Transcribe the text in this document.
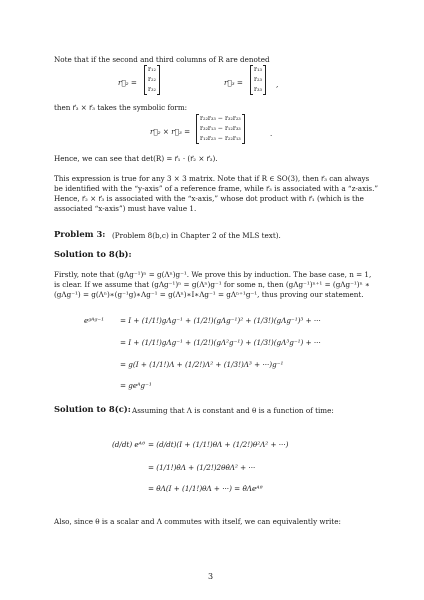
Note that if the second and third columns of R are denoted
r⃗₂ =
r₁₂
r₂₂
r₃₂
r⃗₃ =
r₁₃
r₂₃
r₃₃
,
then r⃗₃ × r⃗₃ takes the symbolic form:
r⃗₂ × r⃗₃ =
r₂₂r₃₃ − r₃₂r₂₃
r₃₂r₁₃ − r₁₂r₃₃
r₁₂r₂₃ − r₂₂r₁₃
.
Hence, we can see that det(R) = r⃗₁ · (r⃗₂ × r⃗₃).
This expression is true for any 3 × 3 matrix. Note that if R ∈ SO(3), then r⃗₃ can always
be identified with the “y-axis” of a reference frame, while r⃗₃ is associated with a “z-axis.”
Hence, r⃗₂ × r⃗₃ is associated with the “x-axis,” whose dot product with r⃗₁ (which is the
associated “x-axis”) must have value 1.
Problem 3: (Problem 8(b,c) in Chapter 2 of the MLS text).
Solution to 8(b):
Firstly, note that (gΛg⁻¹)ⁿ = g(Λⁿ)g⁻¹. We prove this by induction. The base case, n = 1,
is clear. If we assume that (gΛg⁻¹)ⁿ = g(Λⁿ)g⁻¹ for some n, then (gΛg⁻¹)ⁿ⁺¹ = (gΛg⁻¹)ⁿ ∗
(gΛg⁻¹) = g(Λⁿ)∗(g⁻¹g)∗Λg⁻¹ = g(Λⁿ)∗I∗Λg⁻¹ = gΛⁿ⁺¹g⁻¹, thus proving our statement.
eᵍᴬᵍ⁻¹ = I + (1/1!)gΛg⁻¹ + (1/2!)(gΛg⁻¹)² + (1/3!)(gΛg⁻¹)³ + ···
= I + (1/1!)gΛg⁻¹ + (1/2!)(gΛ²g⁻¹) + (1/3!)(gΛ³g⁻¹) + ···
= g(I + (1/1!)Λ + (1/2!)Λ² + (1/3!)Λ³ + ···)g⁻¹
= geᴬg⁻¹
Solution to 8(c): Assuming that Λ is constant and θ is a function of time:
(d/dt) eᴬᶿ = (d/dt)(I + (1/1!)θΛ + (1/2!)θ²Λ² + ···)
= (1/1!)θ̇Λ + (1/2!)2θθ̇Λ² + ···
= θ̇Λ(I + (1/1!)θΛ + ···) = θ̇Λeᴬᶿ
Also, since θ is a scalar and Λ commutes with itself, we can equivalently write:
3
